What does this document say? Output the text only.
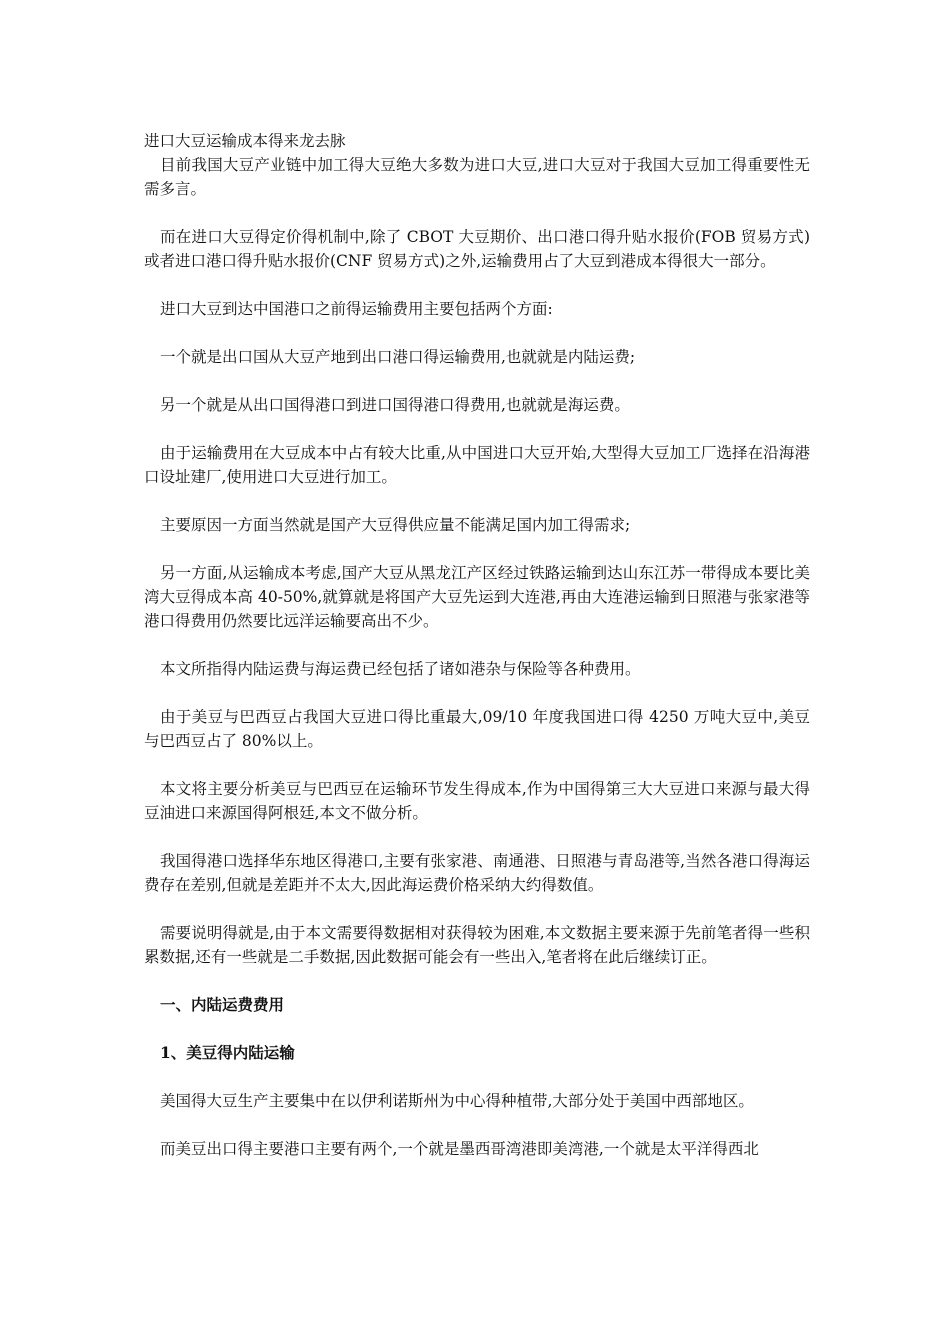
进口大豆运输成本得来龙去脉

目前我国大豆产业链中加工得大豆绝大多数为进口大豆,进口大豆对于我国大豆加工得重要性无需多言。

而在进口大豆得定价得机制中,除了 CBOT 大豆期价、出口港口得升贴水报价(FOB 贸易方式)或者进口港口得升贴水报价(CNF 贸易方式)之外,运输费用占了大豆到港成本得很大一部分。

进口大豆到达中国港口之前得运输费用主要包括两个方面:

一个就是出口国从大豆产地到出口港口得运输费用,也就就是内陆运费;

另一个就是从出口国得港口到进口国得港口得费用,也就就是海运费。

由于运输费用在大豆成本中占有较大比重,从中国进口大豆开始,大型得大豆加工厂选择在沿海港口设址建厂,使用进口大豆进行加工。

主要原因一方面当然就是国产大豆得供应量不能满足国内加工得需求;

另一方面,从运输成本考虑,国产大豆从黑龙江产区经过铁路运输到达山东江苏一带得成本要比美湾大豆得成本高 40-50%,就算就是将国产大豆先运到大连港,再由大连港运输到日照港与张家港等港口得费用仍然要比远洋运输要高出不少。

本文所指得内陆运费与海运费已经包括了诸如港杂与保险等各种费用。

由于美豆与巴西豆占我国大豆进口得比重最大,09/10 年度我国进口得 4250 万吨大豆中,美豆与巴西豆占了 80%以上。

本文将主要分析美豆与巴西豆在运输环节发生得成本,作为中国得第三大大豆进口来源与最大得豆油进口来源国得阿根廷,本文不做分析。

我国得港口选择华东地区得港口,主要有张家港、南通港、日照港与青岛港等,当然各港口得海运费存在差别,但就是差距并不太大,因此海运费价格采纳大约得数值。

需要说明得就是,由于本文需要得数据相对获得较为困难,本文数据主要来源于先前笔者得一些积累数据,还有一些就是二手数据,因此数据可能会有一些出入,笔者将在此后继续订正。

一、内陆运费费用

1、美豆得内陆运输

美国得大豆生产主要集中在以伊利诺斯州为中心得种植带,大部分处于美国中西部地区。

而美豆出口得主要港口主要有两个,一个就是墨西哥湾港即美湾港,一个就是太平洋得西北
